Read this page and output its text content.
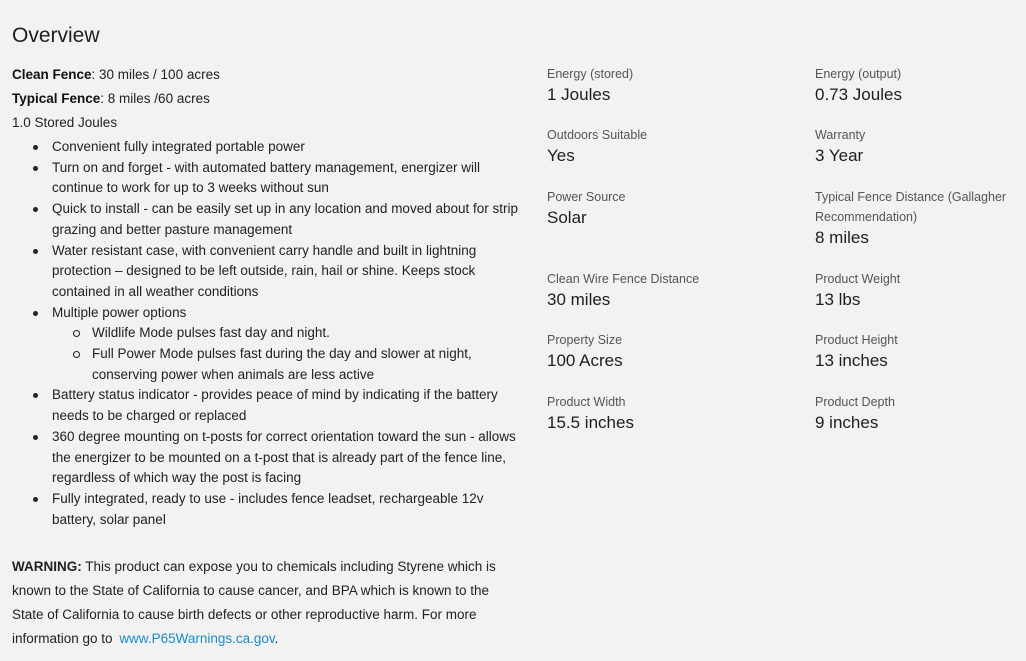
Overview

Clean Fence: 30 miles / 100 acres

Typical Fence: 8 miles /60 acres

1.0 Stored Joules

Convenient fully integrated portable power
Turn on and forget - with automated battery management, energizer will continue to work for up to 3 weeks without sun
Quick to install - can be easily set up in any location and moved about for strip grazing and better pasture management
Water resistant case, with convenient carry handle and built in lightning protection – designed to be left outside, rain, hail or shine. Keeps stock contained in all weather conditions
Multiple power options
Wildlife Mode pulses fast day and night.
Full Power Mode pulses fast during the day and slower at night, conserving power when animals are less active
Battery status indicator - provides peace of mind by indicating if the battery needs to be charged or replaced
360 degree mounting on t-posts for correct orientation toward the sun - allows the energizer to be mounted on a t-post that is already part of the fence line, regardless of which way the post is facing
Fully integrated, ready to use - includes fence leadset, rechargeable 12v battery, solar panel

WARNING: This product can expose you to chemicals including Styrene which is known to the State of California to cause cancer, and BPA which is known to the State of California to cause birth defects or other reproductive harm. For more information go to www.P65Warnings.ca.gov.

Energy (stored)
1 Joules
Energy (output)
0.73 Joules
Outdoors Suitable
Yes
Warranty
3 Year
Power Source
Solar
Typical Fence Distance (Gallagher Recommendation)
8 miles
Clean Wire Fence Distance
30 miles
Product Weight
13 lbs
Property Size
100 Acres
Product Height
13 inches
Product Width
15.5 inches
Product Depth
9 inches
